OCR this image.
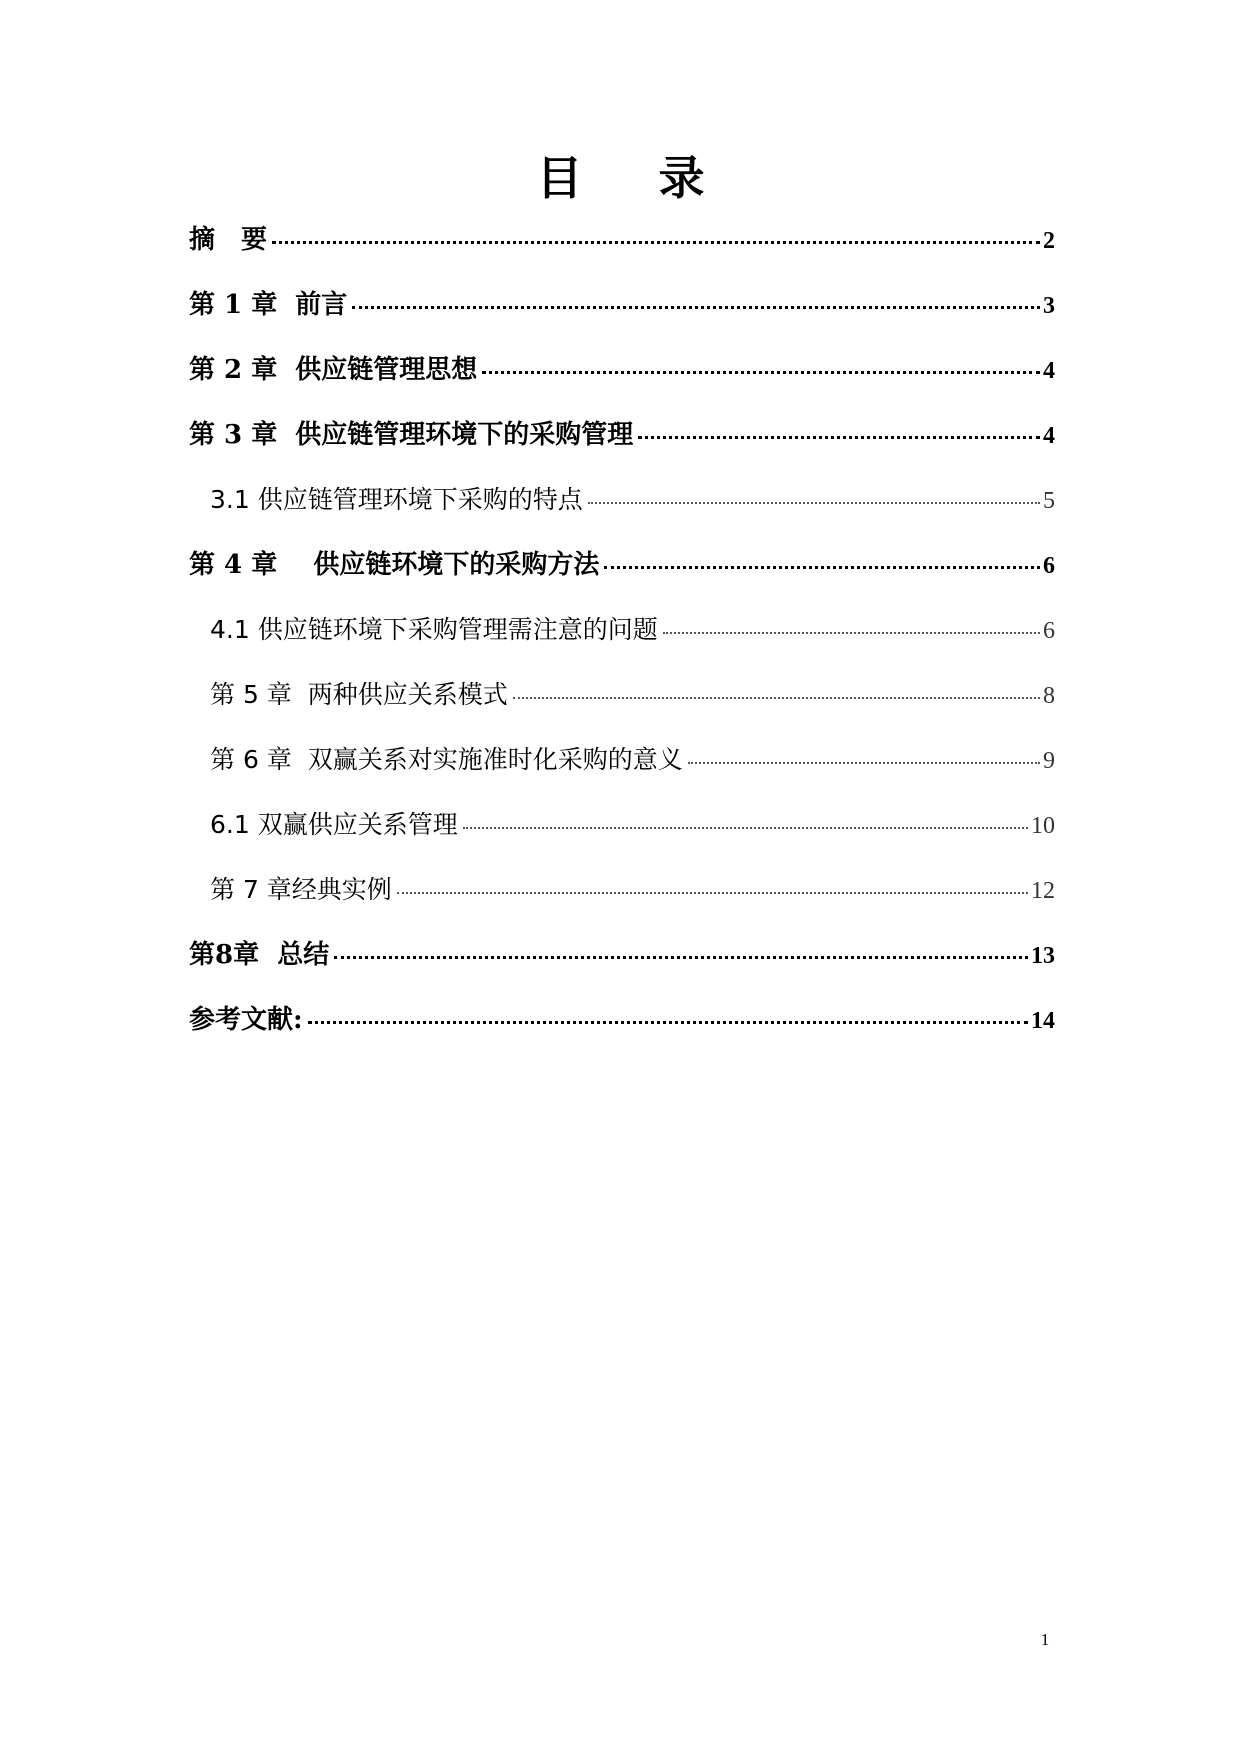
目 录
摘　要	2
第 1 章  前言	3
第 2 章  供应链管理思想	4
第 3 章  供应链管理环境下的采购管理	4
3.1 供应链管理环境下采购的特点	5
第 4 章    供应链环境下的采购方法	6
4.1 供应链环境下采购管理需注意的问题	6
第 5 章  两种供应关系模式	8
第 6 章  双赢关系对实施准时化采购的意义	9
6.1 双赢供应关系管理	10
第 7 章经典实例	12
第8章  总结	13
参考文献:	14
1
